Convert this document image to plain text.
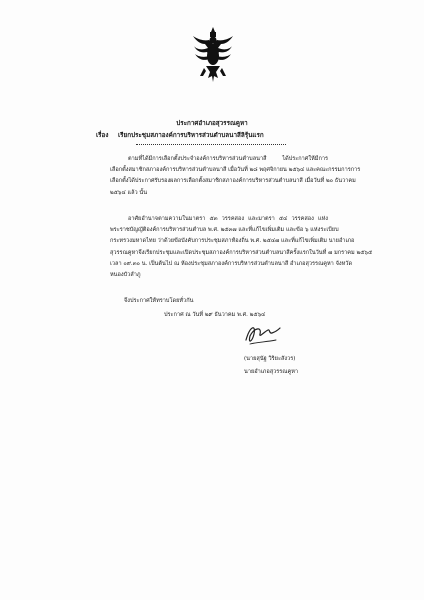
ประกาศอำเภอสุวรรณคูหา
เรื่อง เรียกประชุมสภาองค์การบริหารส่วนตำบลนาสีลิรุ้นแรก
ตามที่ได้มีการเลือกตั้งประจำองค์การบริหารส่วนตำบลนาสี ได้ประกาศให้มีการ
เลือกตั้งสมาชิกสภาองค์การบริหารส่วนตำบลนาสี เมื่อวันที่ ๒๘ พฤศจิกายน ๒๕๖๔ และคณะกรรมการการ
เลือกตั้งได้ประกาศรับรองผลการเลือกตั้งสมาชิกสภาองค์การบริหารส่วนตำบลนาสี เมื่อวันที่ ๒๐ ธันวาคม
๒๕๖๔ แล้ว นั้น
อาศัยอำนาจตามความในมาตรา ๕๓ วรรคสอง และมาตรา ๕๔ วรรคสอง แห่ง
พระราชบัญญัติองค์การบริหารส่วนตำบล พ.ศ. ๒๕๓๗ และที่แก้ไขเพิ่มเติม และข้อ ๖ แห่งระเบียบ
กระทรวงมหาดไทย ว่าด้วยข้อบังคับการประชุมสภาท้องถิ่น พ.ศ. ๒๕๔๗ และที่แก้ไขเพิ่มเติม นายอำเภอ
สุวรรณคูหาจึงเรียกประชุมและเปิดประชุมสภาองค์การบริหารส่วนตำบลนาสีครั้งแรกในวันที่ ๗ มกราคม ๒๕๖๕
เวลา ๐๙.๓๐ น. เป็นต้นไป ณ ห้องประชุมสภาองค์การบริหารส่วนตำบลนาสี อำเภอสุวรรณคูหา จังหวัด
หนองบัวลำภู
จึงประกาศให้ทราบโดยทั่วกัน
ประกาศ ณ วันที่ ๒๙ ธันวาคม พ.ศ. ๒๕๖๔
(นายสุนัฐ วิริยะสังวร)
นายอำเภอสุวรรณคูหา
